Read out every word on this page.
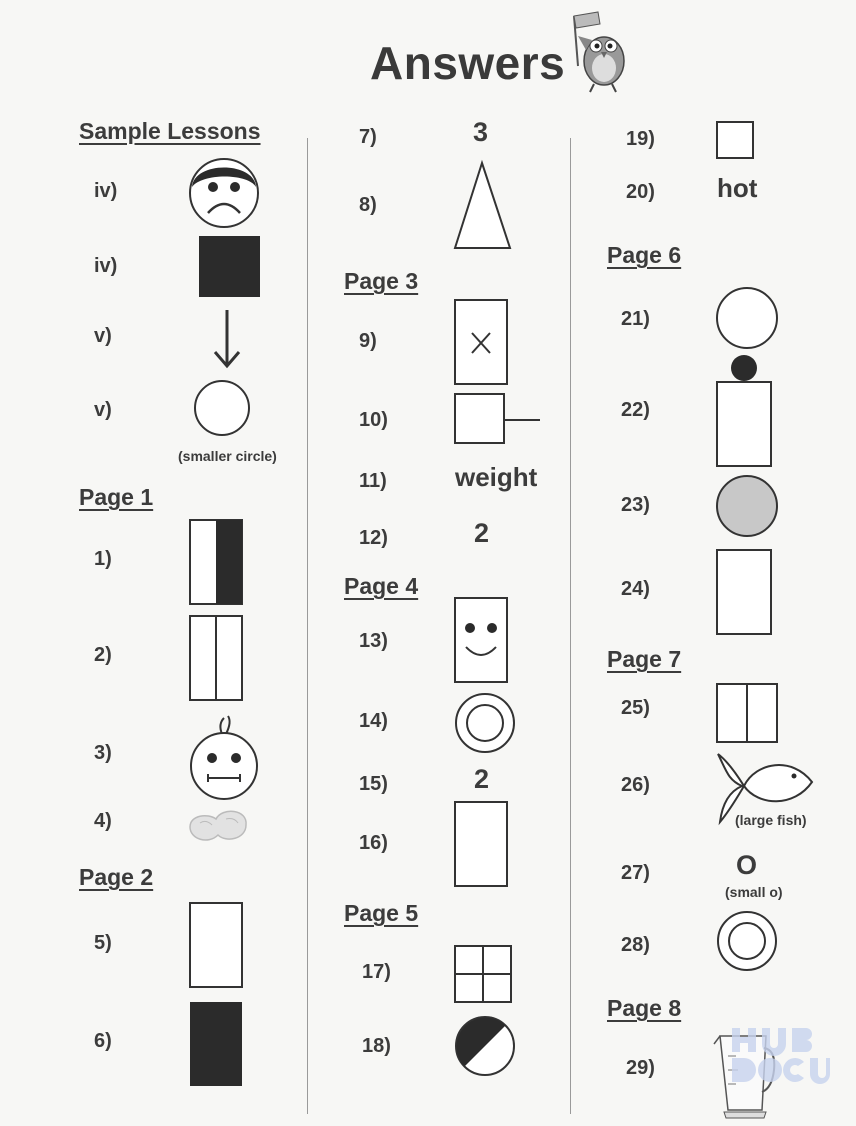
Answers
Sample Lessons
iv)
iv)
v)
v)
(smaller circle)
Page 1
1)
2)
3)
4)
Page 2
5)
6)
7)	3
8)
Page 3
9)
10)
11)	weight
12)	2
Page 4
13)
14)
15)	2
16)
Page 5
17)
18)
19)
20) hot
Page 6
21)
22)
23)
24)
Page 7
25)
26)
(large fish)
27)	O
(small o)
28)
Page 8
29)
